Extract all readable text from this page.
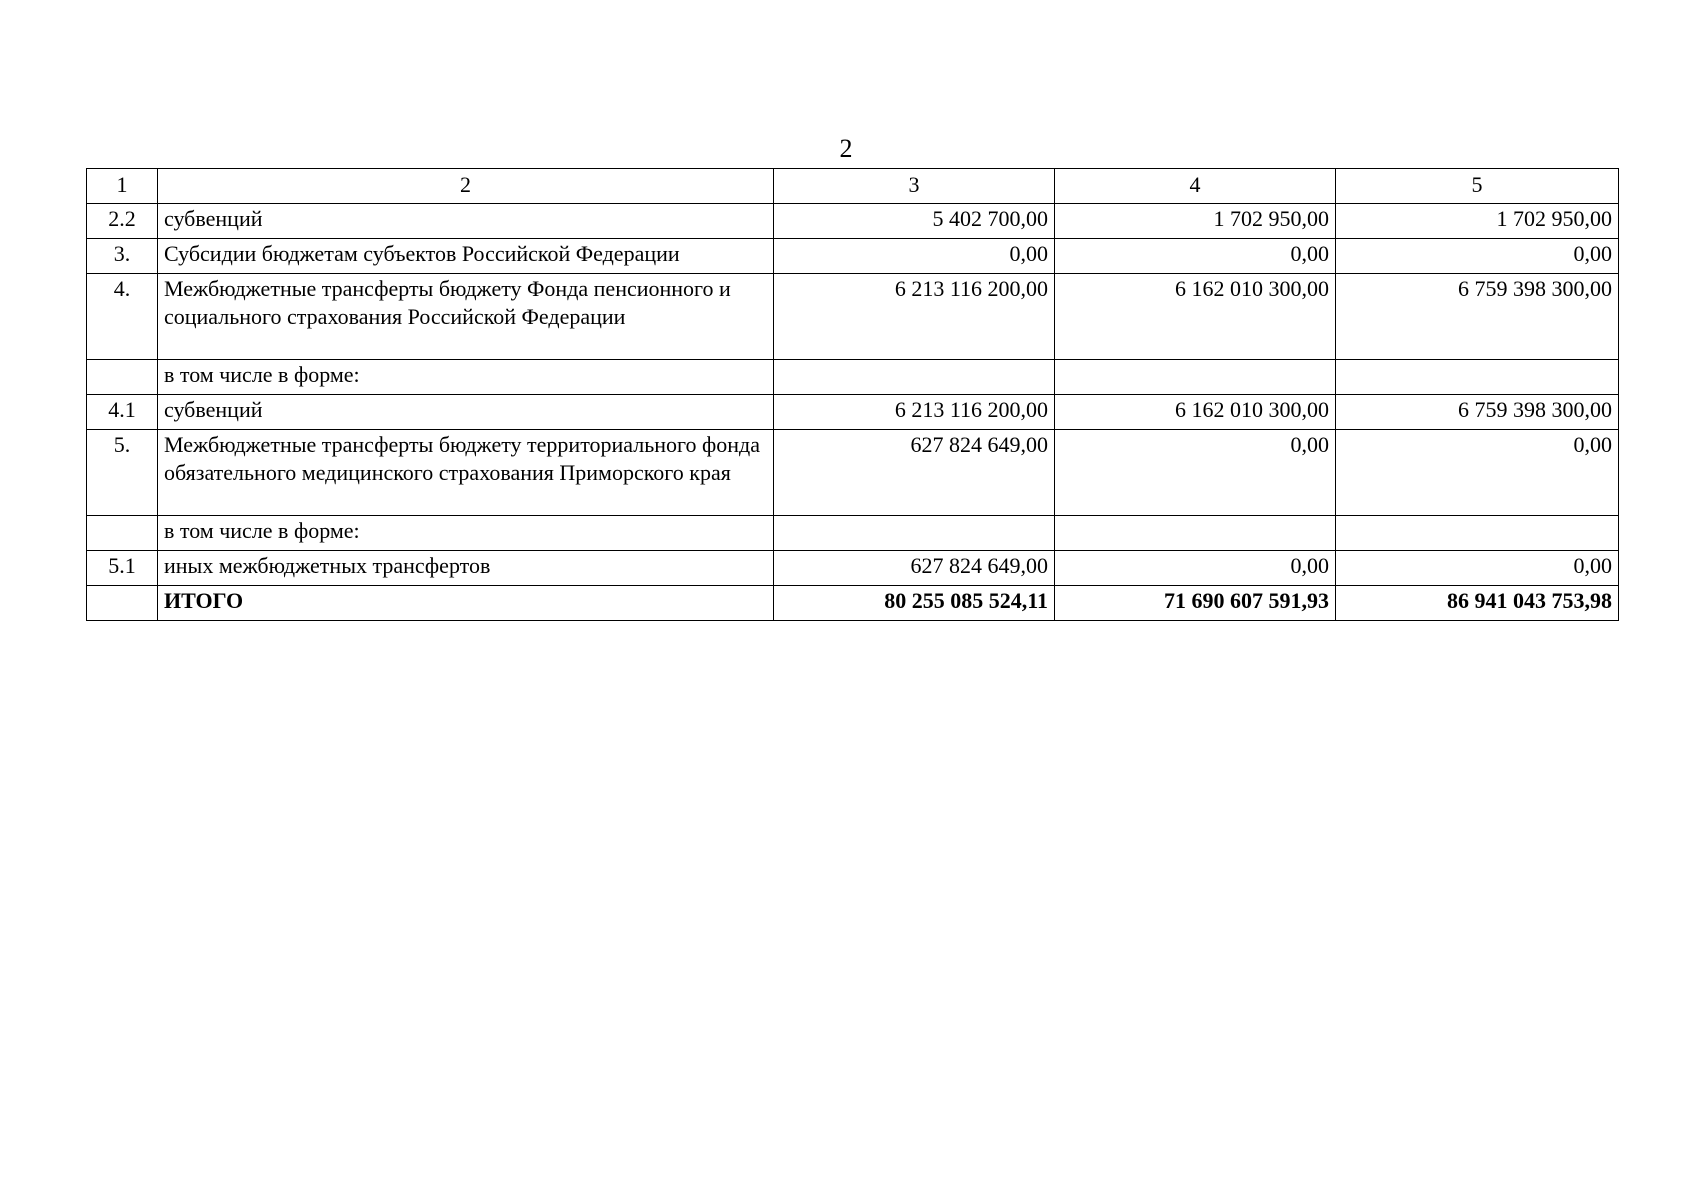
2
1	2	3	4	5
2.2	субвенций	5 402 700,00	1 702 950,00	1 702 950,00
3.	Субсидии бюджетам субъектов Российской Федерации	0,00	0,00	0,00
4.	Межбюджетные трансферты бюджету Фонда пенсионного и социального страхования Российской Федерации	6 213 116 200,00	6 162 010 300,00	6 759 398 300,00
	в том числе в форме:			
4.1	субвенций	6 213 116 200,00	6 162 010 300,00	6 759 398 300,00
5.	Межбюджетные трансферты бюджету территориального фонда обязательного медицинского страхования Приморского края	627 824 649,00	0,00	0,00
	в том числе в форме:			
5.1	иных межбюджетных трансфертов	627 824 649,00	0,00	0,00
	ИТОГО	80 255 085 524,11	71 690 607 591,93	86 941 043 753,98
